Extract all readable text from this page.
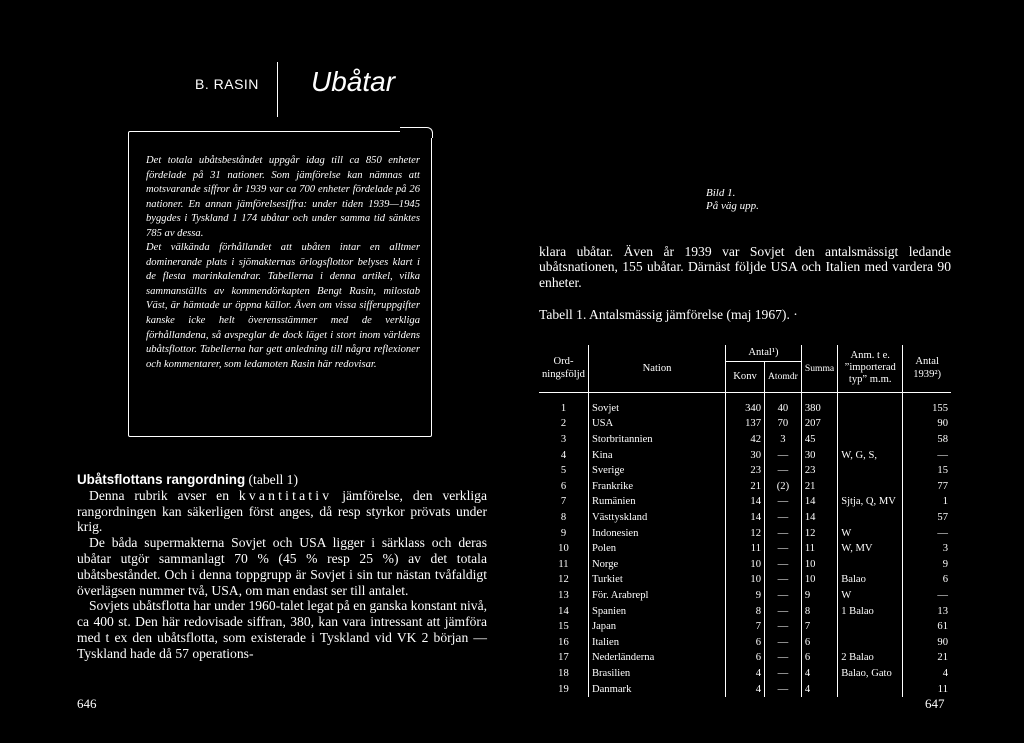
B. RASIN Ubåtar

Det totala ubåtsbeståndet uppgår idag till ca 850 enheter fördelade på 31 nationer. Som jämförelse kan nämnas att motsvarande siffror år 1939 var ca 700 enheter fördelade på 26 nationer. En annan jämförelsesiffra: under tiden 1939—1945 byggdes i Tyskland 1 174 ubåtar och under samma tid sänktes 785 av dessa.

Det välkända förhållandet att ubåten intar en alltmer dominerande plats i sjömakternas örlogsflottor belyses klart i de flesta marinkalendrar. Tabellerna i denna artikel, vilka sammanställts av kommendörkapten Bengt Rasin, milostab Väst, är hämtade ur öppna källor. Även om vissa sifferuppgifter kanske icke helt överensstämmer med de verkliga förhållandena, så avspeglar de dock läget i stort inom världens ubåtsflottor. Tabellerna har gett anledning till några reflexioner och kommentarer, som ledamoten Rasin här redovisar.

Bild 1.
På väg upp.

Ubåtsflottans rangordning (tabell 1)

Denna rubrik avser en kvantitativ jämförelse, den verkliga rangordningen kan säkerligen först anges, då resp styrkor prövats under krig.

De båda supermakterna Sovjet och USA ligger i särklass och deras ubåtar utgör sammanlagt 70 % (45 % resp 25 %) av det totala ubåtsbeståndet. Och i denna toppgrupp är Sovjet i sin tur nästan tvåfaldigt överlägsen nummer två, USA, om man endast ser till antalet.

Sovjets ubåtsflotta har under 1960-talet legat på en ganska konstant nivå, ca 400 st. Den här redovisade siffran, 380, kan vara intressant att jämföra med t ex den ubåtsflotta, som existerade i Tyskland vid VK 2 början — Tyskland hade då 57 operations-

klara ubåtar. Även år 1939 var Sovjet den antalsmässigt ledande ubåtsnationen, 155 ubåtar. Därnäst följde USA och Italien med vardera 90 enheter.

Tabell 1. Antalsmässig jämförelse (maj 1967). ·
Ord-ningsföljd	Nation	Antal¹)		Summa	Anm. t e. ”importerad typ” m.m.	Antal 1939²)
		Konv	Atomdr			
1	Sovjet	340	40	380		155
2	USA	137	70	207		90
3	Storbritannien	42	3	45		58
4	Kina	30	—	30	W, G, S,	—
5	Sverige	23	—	23		15
6	Frankrike	21	(2)	21		77
7	Rumänien	14	—	14	Sjtja, Q, MV	1
8	Västtyskland	14	—	14		57
9	Indonesien	12	—	12	W	—
10	Polen	11	—	11	W, MV	3
11	Norge	10	—	10		9
12	Turkiet	10	—	10	Balao	6
13	För. Arabrepl	9	—	9	W	—
14	Spanien	8	—	8	1 Balao	13
15	Japan	7	—	7		61
16	Italien	6	—	6		90
17	Nederländerna	6	—	6	2 Balao	21
18	Brasilien	4	—	4	Balao, Gato	4
19	Danmark	4	—	4		11
646	647
